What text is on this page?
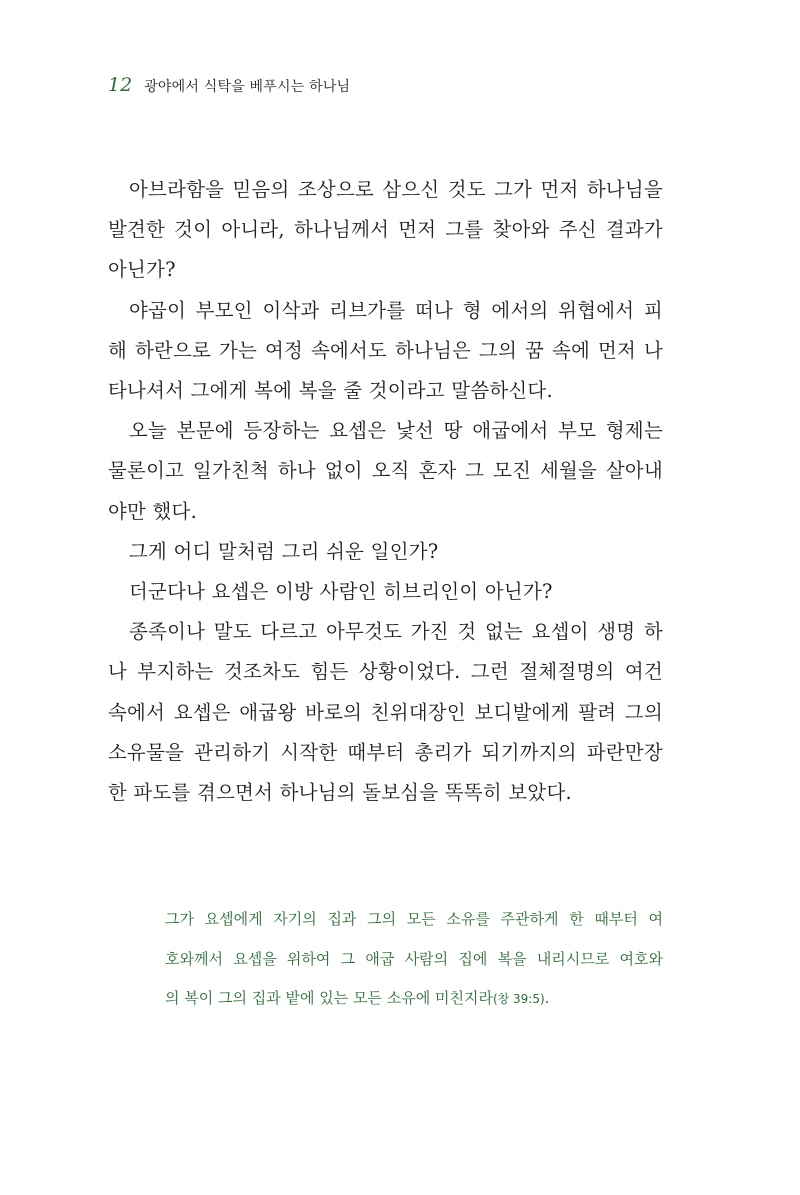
12 광야에서 식탁을 베푸시는 하나님

아브라함을 믿음의 조상으로 삼으신 것도 그가 먼저 하나님을
발견한 것이 아니라, 하나님께서 먼저 그를 찾아와 주신 결과가
아닌가?

야곱이 부모인 이삭과 리브가를 떠나 형 에서의 위협에서 피
해 하란으로 가는 여정 속에서도 하나님은 그의 꿈 속에 먼저 나
타나셔서 그에게 복에 복을 줄 것이라고 말씀하신다.

오늘 본문에 등장하는 요셉은 낯선 땅 애굽에서 부모 형제는
물론이고 일가친척 하나 없이 오직 혼자 그 모진 세월을 살아내
야만 했다.

그게 어디 말처럼 그리 쉬운 일인가?

더군다나 요셉은 이방 사람인 히브리인이 아닌가?

종족이나 말도 다르고 아무것도 가진 것 없는 요셉이 생명 하
나 부지하는 것조차도 힘든 상황이었다. 그런 절체절명의 여건
속에서 요셉은 애굽왕 바로의 친위대장인 보디발에게 팔려 그의
소유물을 관리하기 시작한 때부터 총리가 되기까지의 파란만장
한 파도를 겪으면서 하나님의 돌보심을 똑똑히 보았다.

그가 요셉에게 자기의 집과 그의 모든 소유를 주관하게 한 때부터 여
호와께서 요셉을 위하여 그 애굽 사람의 집에 복을 내리시므로 여호와
의 복이 그의 집과 밭에 있는 모든 소유에 미친지라(창 39:5).
